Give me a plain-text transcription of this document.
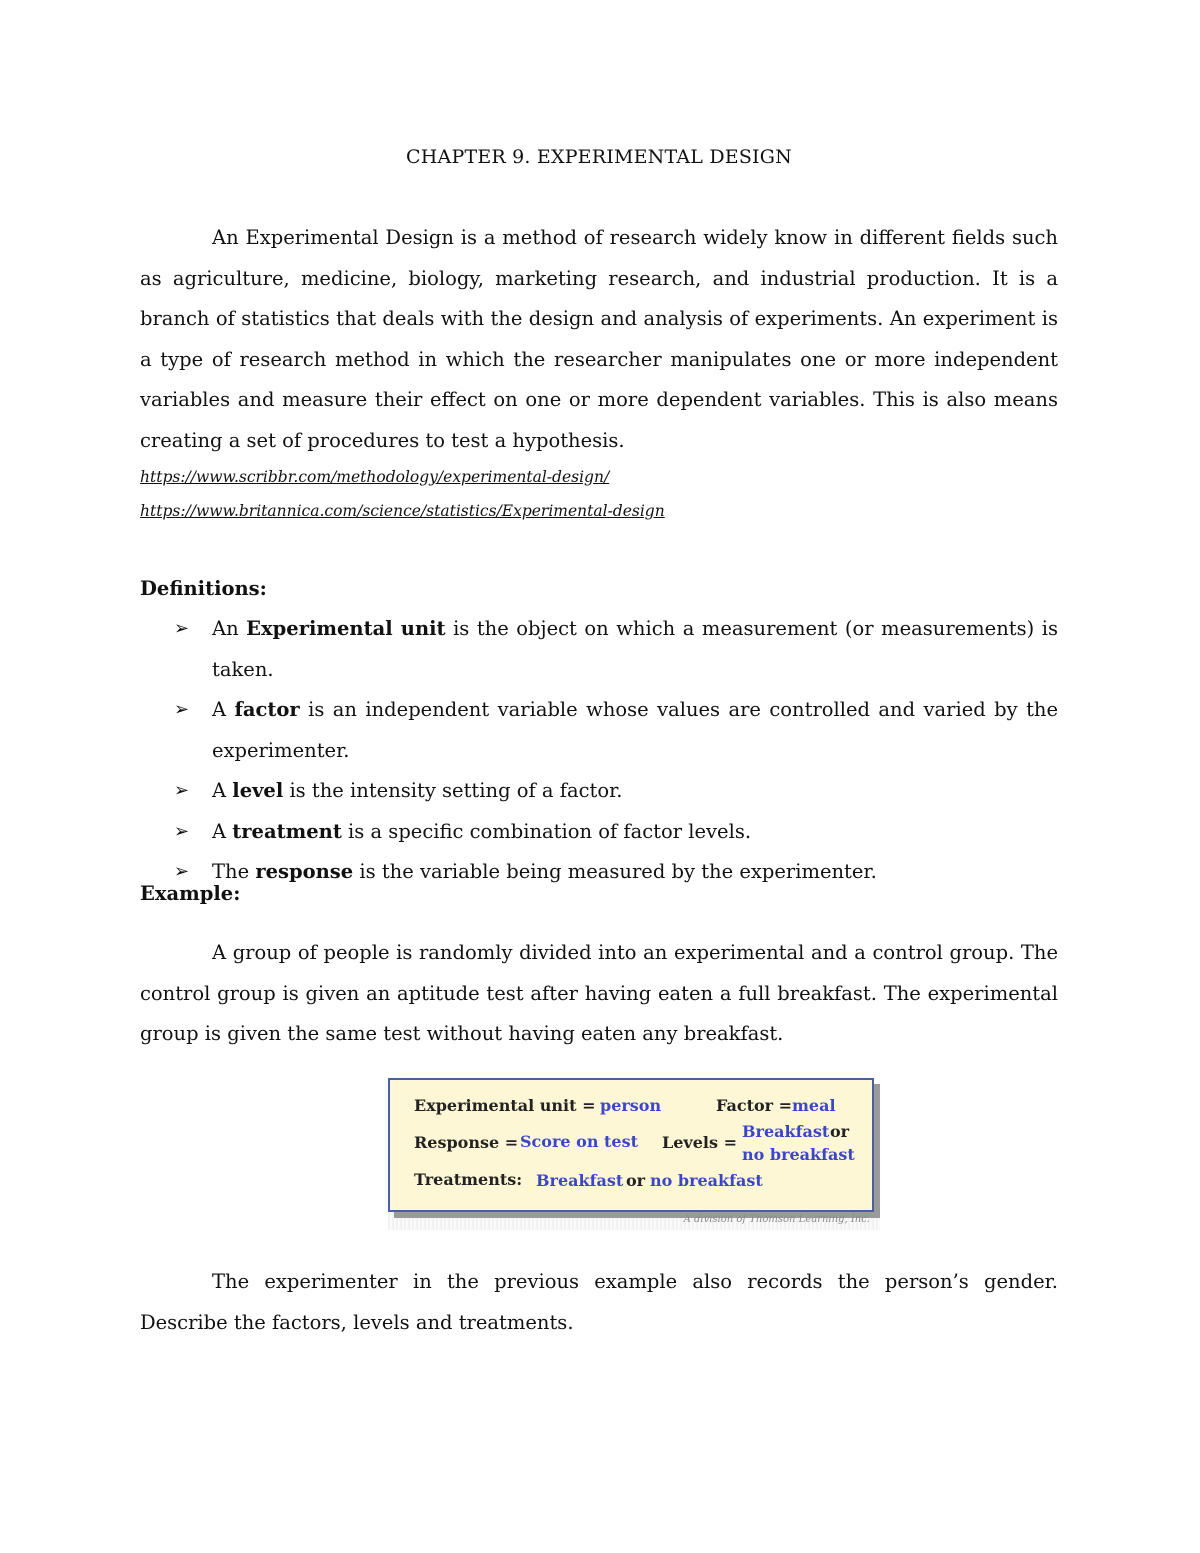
CHAPTER 9. EXPERIMENTAL DESIGN

An Experimental Design is a method of research widely know in different fields such as agriculture, medicine, biology, marketing research, and industrial production. It is a branch of statistics that deals with the design and analysis of experiments. An experiment is a type of research method in which the researcher manipulates one or more independent variables and measure their effect on one or more dependent variables. This is also means creating a set of procedures to test a hypothesis.

https://www.scribbr.com/methodology/experimental-design/
https://www.britannica.com/science/statistics/Experimental-design
Definitions:
➢ An Experimental unit is the object on which a measurement (or measurements) is taken.
➢ A factor is an independent variable whose values are controlled and varied by the experimenter.
➢ A level is the intensity setting of a factor.
➢ A treatment is a specific combination of factor levels.
➢ The response is the variable being measured by the experimenter.
Example:

A group of people is randomly divided into an experimental and a control group. The control group is given an aptitude test after having eaten a full breakfast. The experimental group is given the same test without having eaten any breakfast.

The experimenter in the previous example also records the person’s gender. Describe the factors, levels and treatments.

Experimental unit = person	Factor = meal
Response = Score on test Levels =
Breakfast or
no breakfast
Treatments: Breakfast or no breakfast
A division of Thomson Learning, Inc.
